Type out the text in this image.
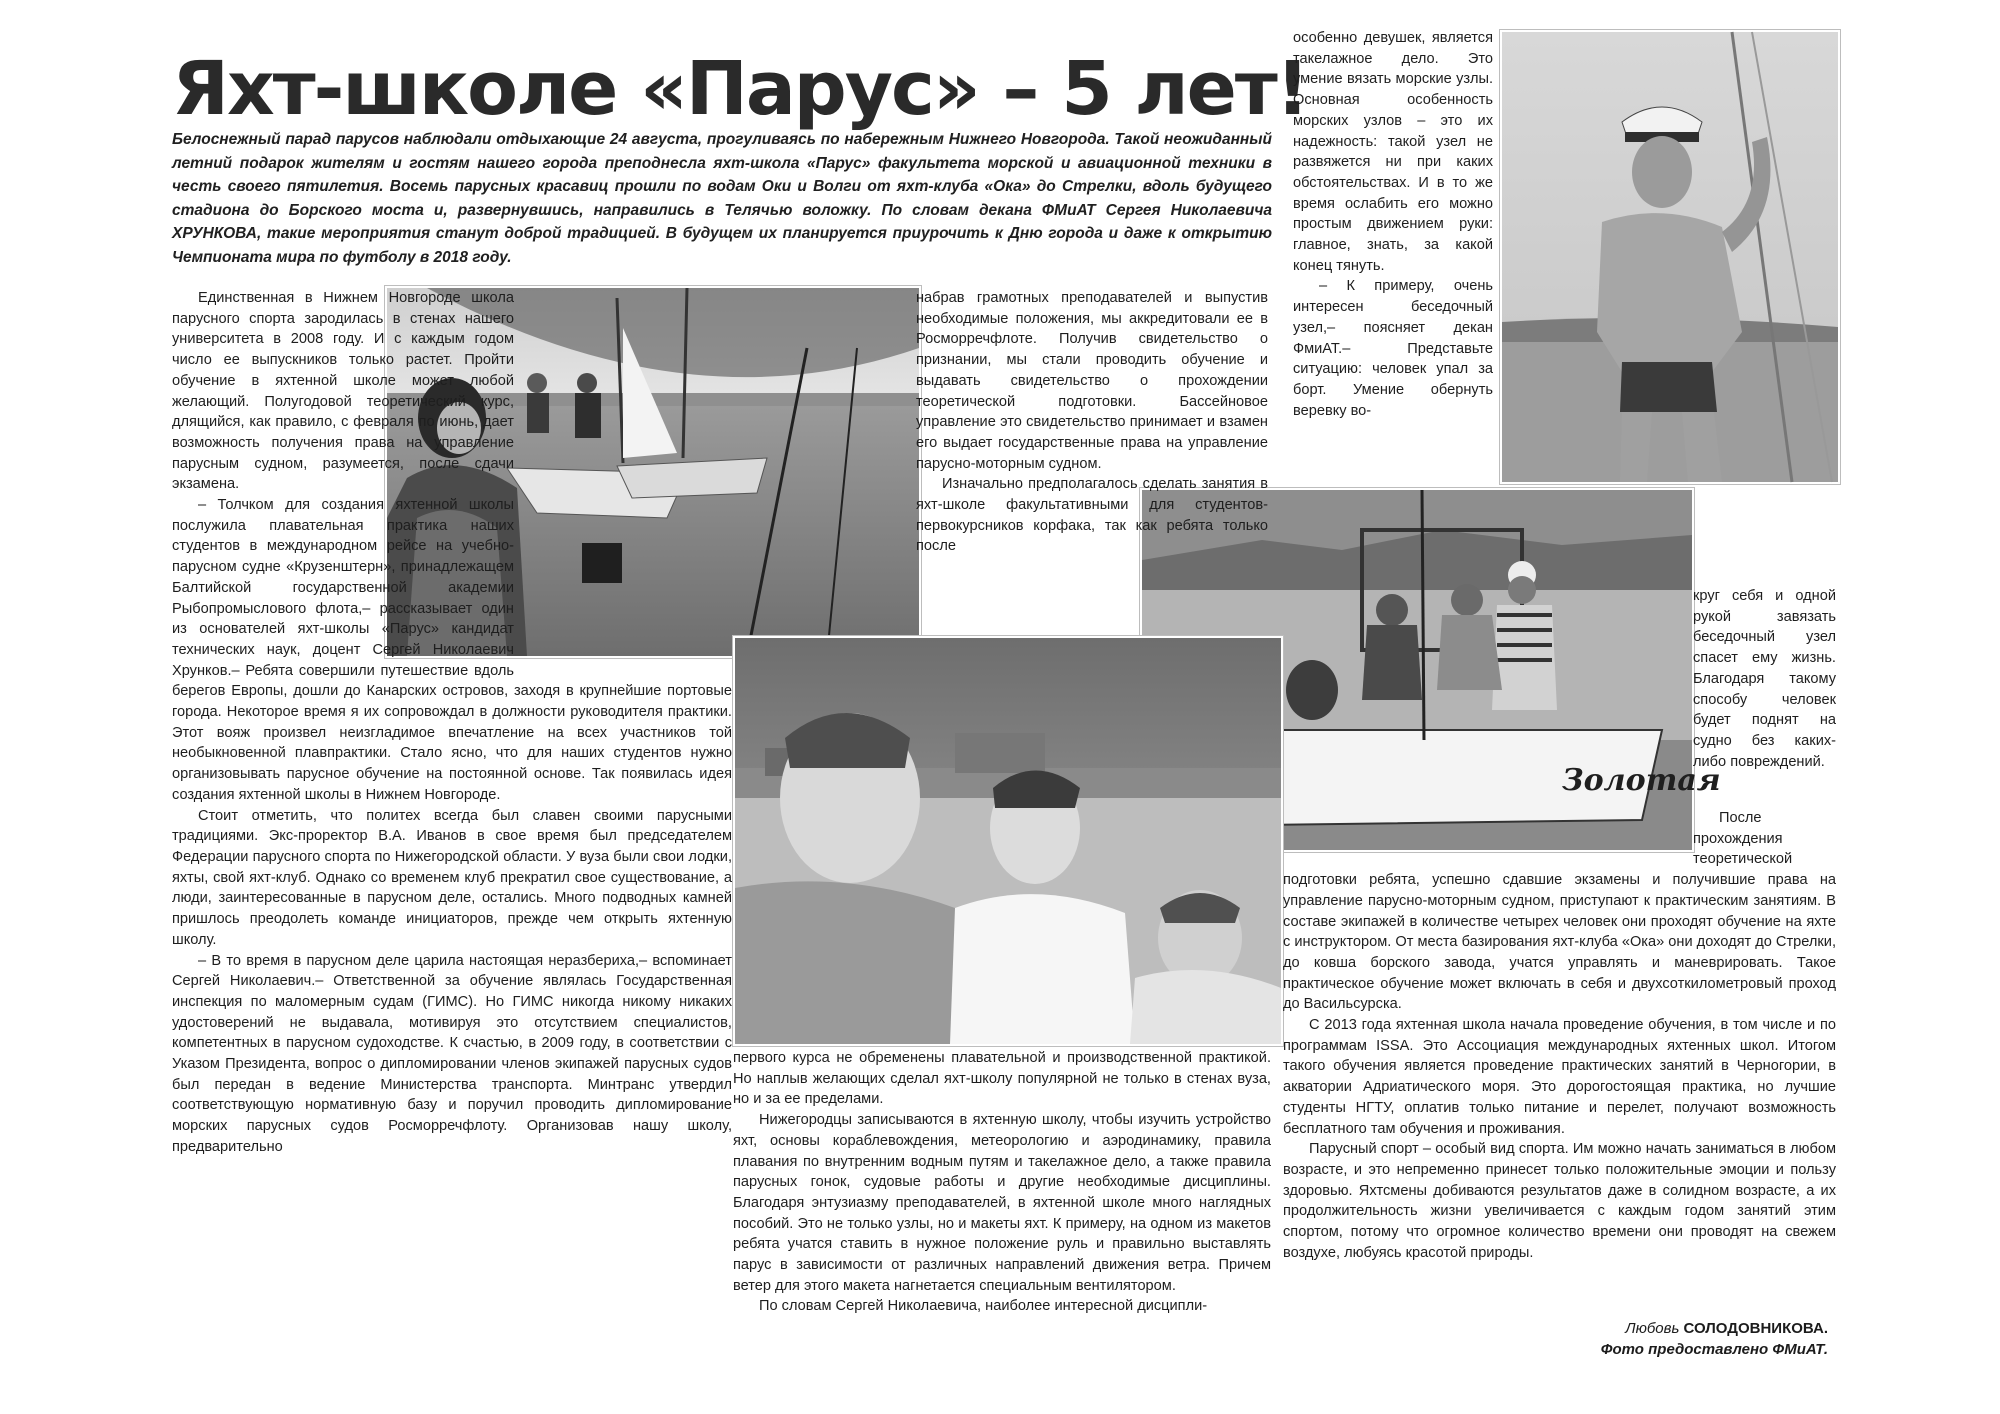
Яхт-школе «Парус» – 5 лет!

Белоснежный парад парусов наблюдали отдыхающие 24 августа, прогуливаясь по набережным Нижнего Новгорода. Такой неожиданный летний подарок жителям и гостям нашего города преподнесла яхт-школа «Парус» факультета морской и авиационной техники в честь своего пятилетия. Восемь парусных красавиц прошли по водам Оки и Волги от яхт-клуба «Ока» до Стрелки, вдоль будущего стадиона до Борского моста и, развернувшись, направились в Телячью воложку. По словам декана ФМиАТ Сергея Николаевича ХРУНКОВА, такие мероприятия станут доброй традицией. В будущем их планируется приурочить к Дню города и даже к открытию Чемпионата мира по футболу в 2018 году.

Золотая

Единственная в Нижнем Новгороде школа парусного спорта зародилась в стенах нашего университета в 2008 году. И с каждым годом число ее выпускников только растет. Пройти обучение в яхтенной школе может любой желающий. Полугодовой теоретический курс, длящийся, как правило, с февраля по июнь, дает возможность получения права на управление парусным судном, разумеется, после сдачи экзамена.

– Толчком для создания яхтенной школы послужила плавательная практика наших студентов в международном рейсе на учебно-парусном судне «Крузенштерн», принадлежащем Балтийской государственной академии Рыбопромыслового флота,– рассказывает один из основателей яхт-школы «Парус» кандидат технических наук, доцент Сергей Николаевич Хрунков.– Ребята совершили путешествие вдоль берегов Европы, дошли до Канарских островов, заходя в крупнейшие портовые города. Некоторое время я их сопровождал в должности руководителя практики. Этот вояж произвел неизгладимое впечатление на всех участников той необыкновенной плавпрактики. Стало ясно, что для наших студентов нужно организовывать парусное обучение на постоянной основе. Так появилась идея создания яхтенной школы в Нижнем Новгороде.

Стоит отметить, что политех всегда был славен своими парусными традициями. Экс-проректор В.А. Иванов в свое время был председателем Федерации парусного спорта по Нижегородской области. У вуза были свои лодки, яхты, свой яхт-клуб. Однако со временем клуб прекратил свое существование, а люди, заинтересованные в парусном деле, остались. Много подводных камней пришлось преодолеть команде инициаторов, прежде чем открыть яхтенную школу.

– В то время в парусном деле царила настоящая неразбериха,– вспоминает Сергей Николаевич.– Ответственной за обучение являлась Государственная инспекция по маломерным судам (ГИМС). Но ГИМС никогда никому никаких удостоверений не выдавала, мотивируя это отсутствием специалистов, компетентных в парусном судоходстве. К счастью, в 2009 году, в соответствии с Указом Президента, вопрос о дипломировании членов экипажей парусных судов был передан в ведение Министерства транспорта. Минтранс утвердил соответствующую нормативную базу и поручил проводить дипломирование морских парусных судов Росморречфлоту. Организовав нашу школу, предварительно

набрав грамотных преподавателей и выпустив необходимые положения, мы аккредитовали ее в Росморречфлоте. Получив свидетельство о признании, мы стали проводить обучение и выдавать свидетельство о прохождении теоретической подготовки. Бассейновое управление это свидетельство принимает и взамен его выдает государственные права на управление парусно-моторным судном.

Изначально предполагалось сделать занятия в яхт-школе факультативными для студентов-первокурсников корфака, так как ребята только после

первого курса не обременены плавательной и производственной практикой. Но наплыв желающих сделал яхт-школу популярной не только в стенах вуза, но и за ее пределами.

Нижегородцы записываются в яхтенную школу, чтобы изучить устройство яхт, основы кораблевождения, метеорологию и аэродинамику, правила плавания по внутренним водным путям и такелажное дело, а также правила парусных гонок, судовые работы и другие необходимые дисциплины. Благодаря энтузиазму преподавателей, в яхтенной школе много наглядных пособий. Это не только узлы, но и макеты яхт. К примеру, на одном из макетов ребята учатся ставить в нужное положение руль и правильно выставлять парус в зависимости от различных направлений движения ветра. Причем ветер для этого макета нагнетается специальным вентилятором.

По словам Сергей Николаевича, наиболее интересной дисципли-

особенно девушек, является такелажное дело. Это умение вязать морские узлы. Основная особенность морских узлов – это их надежность: такой узел не развяжется ни при каких обстоятельствах. И в то же время ослабить его можно простым движением руки: главное, знать, за какой конец тянуть.

– К примеру, очень интересен беседочный узел,– поясняет декан ФмиАТ.– Представьте ситуацию: человек упал за борт. Умение обернуть веревку во-

круг себя и одной рукой завязать беседочный узел спасет ему жизнь. Благодаря такому способу человек будет поднят на судно без каких-либо повреждений.

После прохождения теоретической подготовки ребята, успешно сдавшие экзамены и получившие права на управление парусно-моторным судном, приступают к практическим занятиям. В составе экипажей в количестве четырех человек они проходят обучение на яхте с инструктором. От места базирования яхт-клуба «Ока» они доходят до Стрелки, до ковша борского завода, учатся управлять и маневрировать. Такое практическое обучение может включать в себя и двухсоткилометровый проход до Васильсурска.

С 2013 года яхтенная школа начала проведение обучения, в том числе и по программам ISSA. Это Ассоциация международных яхтенных школ. Итогом такого обучения является проведение практических занятий в Черногории, в акватории Адриатического моря. Это дорогостоящая практика, но лучшие студенты НГТУ, оплатив только питание и перелет, получают возможность бесплатного там обучения и проживания.

Парусный спорт – особый вид спорта. Им можно начать заниматься в любом возрасте, и это непременно принесет только положительные эмоции и пользу здоровью. Яхтсмены добиваются результатов даже в солидном возрасте, а их продолжительность жизни увеличивается с каждым годом занятий этим спортом, потому что огромное количество времени они проводят на свежем воздухе, любуясь красотой природы.

Любовь СОЛОДОВНИКОВА.
Фото предоставлено ФМиАТ.
